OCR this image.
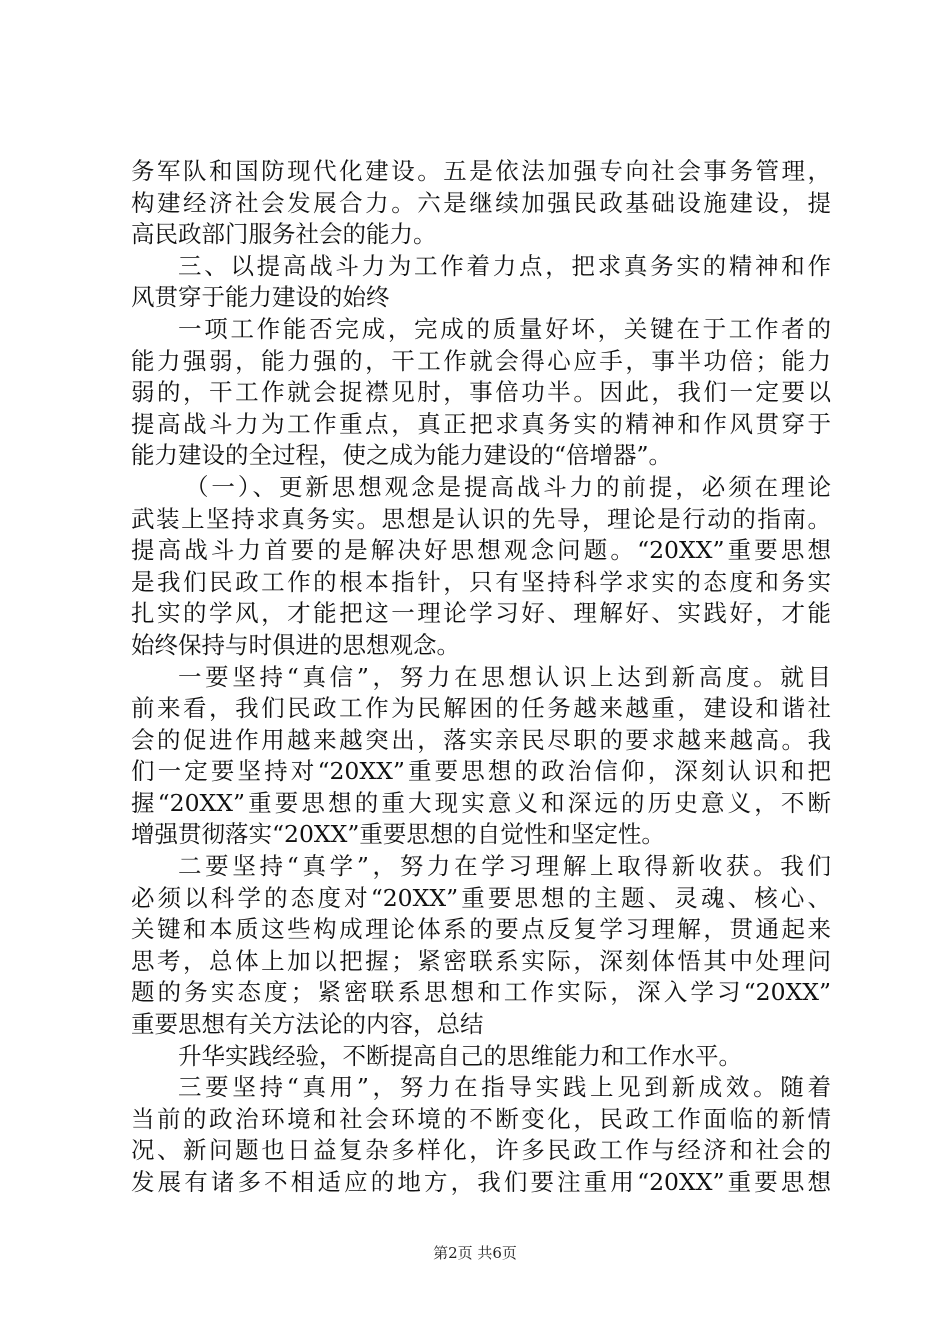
务军队和国防现代化建设。五是依法加强专向社会事务管理，
构建经济社会发展合力。六是继续加强民政基础设施建设，提
高民政部门服务社会的能力。
三、以提高战斗力为工作着力点，把求真务实的精神和作
风贯穿于能力建设的始终
一项工作能否完成，完成的质量好坏，关键在于工作者的
能力强弱，能力强的，干工作就会得心应手，事半功倍；能力
弱的，干工作就会捉襟见肘，事倍功半。因此，我们一定要以
提高战斗力为工作重点，真正把求真务实的精神和作风贯穿于
能力建设的全过程，使之成为能力建设的“倍增器”。
（一）、更新思想观念是提高战斗力的前提，必须在理论
武装上坚持求真务实。思想是认识的先导，理论是行动的指南。
提高战斗力首要的是解决好思想观念问题。“20XX”重要思想
是我们民政工作的根本指针，只有坚持科学求实的态度和务实
扎实的学风，才能把这一理论学习好、理解好、实践好，才能
始终保持与时俱进的思想观念。
一要坚持“真信”，努力在思想认识上达到新高度。就目
前来看，我们民政工作为民解困的任务越来越重，建设和谐社
会的促进作用越来越突出，落实亲民尽职的要求越来越高。我
们一定要坚持对“20XX”重要思想的政治信仰，深刻认识和把
握“20XX”重要思想的重大现实意义和深远的历史意义，不断
增强贯彻落实“20XX”重要思想的自觉性和坚定性。
二要坚持“真学”，努力在学习理解上取得新收获。我们
必须以科学的态度对“20XX”重要思想的主题、灵魂、核心、
关键和本质这些构成理论体系的要点反复学习理解，贯通起来
思考，总体上加以把握；紧密联系实际，深刻体悟其中处理问
题的务实态度；紧密联系思想和工作实际，深入学习“20XX”
重要思想有关方法论的内容，总结
升华实践经验，不断提高自己的思维能力和工作水平。
三要坚持“真用”，努力在指导实践上见到新成效。随着
当前的政治环境和社会环境的不断变化，民政工作面临的新情
况、新问题也日益复杂多样化，许多民政工作与经济和社会的
发展有诸多不相适应的地方，我们要注重用“20XX”重要思想
第2页 共6页
